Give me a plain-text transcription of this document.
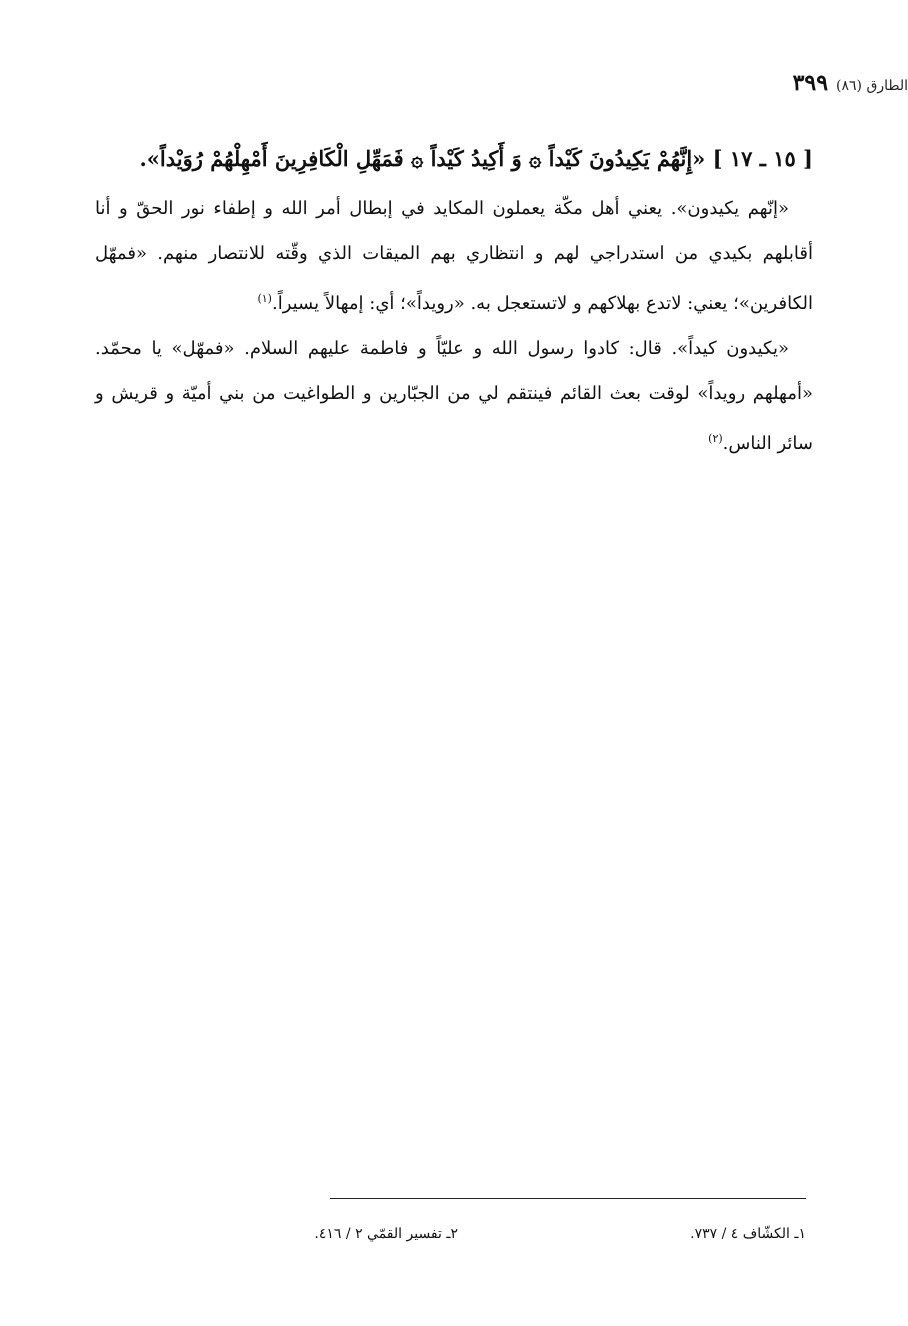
الطارق (٨٦)
٣٩٩

[ ١٥ ـ ١٧ ] «إِنَّهُمْ يَكِيدُونَ كَيْداً ۞ وَ أَكِيدُ كَيْداً ۞ فَمَهِّلِ الْكَافِرِينَ أَمْهِلْهُمْ رُوَيْداً».

«إنّهم يكيدون». يعني أهل مكّة يعملون المكايد في إبطال أمر الله و إطفاء نور الحقّ و أنا أقابلهم بكيدي من استدراجي لهم و انتظاري بهم الميقات الذي وقّته للانتصار منهم. «فمهّل الكافرين»؛ يعني: لاتدع بهلاكهم و لاتستعجل به. «رويداً»؛ أي: إمهالاً يسيراً.$^{(١)}$

«يكيدون كيداً». قال: كادوا رسول الله و عليّاً و فاطمة عليهم السلام. «فمهّل» يا محمّد. «أمهلهم رويداً» لوقت بعث القائم فينتقم لي من الجبّارين و الطواغيت من بني أميّة و قريش و سائر الناس.$^{(٢)}$

١ـ الكشّاف ٤ / ٧٣٧.
٢ـ تفسير القمّي ٢ / ٤١٦.
